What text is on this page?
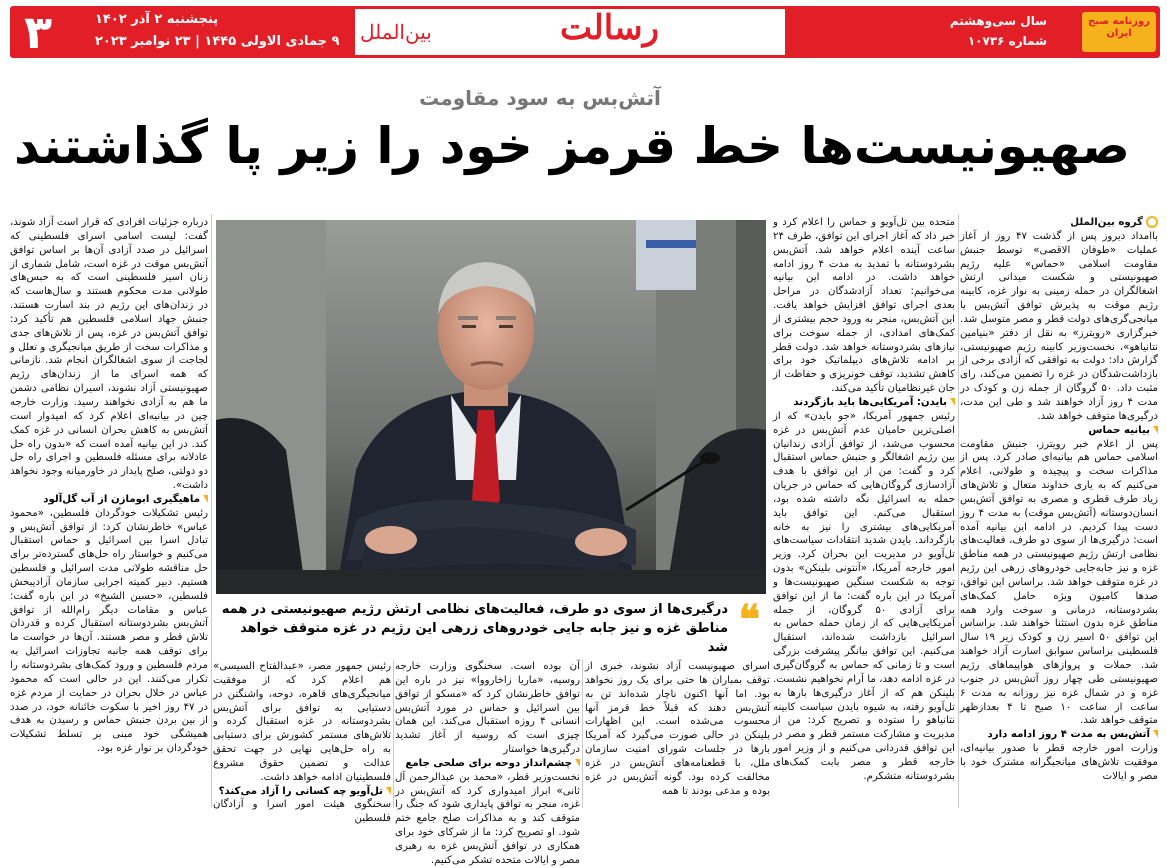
۳	پنجشنبه ۲ آذر ۱۴۰۲
۹ جمادی الاولی ۱۴۴۵ | ۲۳ نوامبر ۲۰۲۳	رسالت
بین‌الملل	سال سی‌وهشتم
شماره ۱۰۷۳۶
روزنامه صبح ایران
آتش‌بس به سود مقاومت
صهیونیست‌ها خط قرمز خود را زیر پا گذاشتند

گروه بین‌الملل

باامداد دیروز پس از گذشت ۴۷ روز از آغاز عملیات «طوفان الاقصی» توسط جنبش مقاومت اسلامی «حماس» علیه رژیم صهیونیستی و شکست میدانی ارتش اشغالگران در حمله زمینی به نوار غزه، کابینه رژیم موقت به پذیرش توافق آتش‌بس با میانجی‌گری‌های دولت قطر و مصر متوسل شد. خبرگزاری «رویترز» به نقل از دفتر «بنیامین نتانیاهو»، نخست‌وزیر کابینه رژیم صهیونیستی، گزارش داد: دولت به توافقی که آزادی برخی از بازداشت‌شدگان در غزه را تضمین می‌کند، رای مثبت داد. ۵۰ گروگان از جمله زن و کودک در مدت ۴ روز آزاد خواهند شد و طی این مدت، درگیری‌ها متوقف خواهد شد.

بیانیه حماس

پس از اعلام خبر رویترز، جنبش مقاومت اسلامی حماس هم بیانیه‌ای صادر کرد. پس از مذاکرات سخت و پیچیده و طولانی، اعلام می‌کنیم که به یاری خداوند متعال و تلاش‌های زیاد طرف قطری و مصری به توافق آتش‌بس انسان‌دوستانه (آتش‌بس موقت) به مدت ۴ روز دست پیدا کردیم. در ادامه این بیانیه آمده است: درگیری‌ها از سوی دو طرف، فعالیت‌های نظامی ارتش رژیم صهیونیستی در همه مناطق غزه و نیز جابه‌جایی خودروهای زرهی این رژیم در غزه متوقف خواهد شد. براساس این توافق، صدها کامیون ویژه حامل کمک‌های بشردوستانه، درمانی و سوخت وارد همه مناطق غزه بدون استثنا خواهند شد. براساس این توافق ۵۰ اسیر زن و کودک زیر ۱۹ سال فلسطینی براساس سوابق اسارت آزاد خواهند شد. حملات و پروازهای هواپیماهای رژیم صهیونیستی طی چهار روز آتش‌بس در جنوب غزه و در شمال غزه نیز روزانه به مدت ۶ ساعت از ساعت ۱۰ صبح تا ۴ بعدازظهر متوقف خواهد شد.

آتش‌بس به مدت ۴ روز ادامه دارد

وزارت امور خارجه قطر با صدور بیانیه‌ای، موفقیت تلاش‌های میانجیگرانه مشترک خود با مصر و ایالات

متحده بین تل‌آویو و حماس را اعلام کرد و خبر داد که آغاز اجرای این توافق، طرف ۲۴ ساعت آینده اعلام خواهد شد. آتش‌بس بشردوستانه با تمدید به مدت ۴ روز ادامه خواهد داشت. در ادامه این بیانیه می‌خوانیم: تعداد آزادشدگان در مراحل بعدی اجرای توافق افزایش خواهد یافت. این آتش‌بس، منجر به ورود حجم بیشتری از کمک‌های امدادی، از جمله سوخت برای نیازهای بشردوستانه خواهد شد. دولت قطر بر ادامه تلاش‌های دیپلماتیک خود برای کاهش تشدید، توقف خونریزی و حفاظت از جان غیرنظامیان تأکید می‌کند.

بایدن: آمریکایی‌ها باید بازگردند

رئیس جمهور آمریکا، «جو بایدن» که از اصلی‌ترین حامیان عدم آتش‌بس در غزه محسوب می‌شد، از توافق آزادی زندانیان بین رژیم اشغالگر و جنبش حماس استقبال کرد و گفت: من از این توافق با هدف آزادسازی گروگان‌هایی که حماس در جریان حمله به اسرائیل نگه داشته شده بود، استقبال می‌کنم. این توافق باید آمریکایی‌های بیشتری را نیز به خانه بازگرداند. بایدن شدید انتقادات سیاست‌های تل‌آویو در مدیریت این بحران کرد. وزیر امور خارجه آمریکا، «آنتونی بلینکن» بدون توجه به شکست سنگین صهیونیست‌ها و آمریکا در این باره گفت: ما از این توافق برای آزادی ۵۰ گروگان، از جمله آمریکایی‌هایی که از زمان حمله حماس به اسرائیل بازداشت شده‌اند، استقبال می‌کنیم. این توافق بیانگر پیشرفت بزرگی است و تا زمانی که حماس به گروگان‌گیری در غزه ادامه دهد، ما آرام نخواهیم نشست. بلینکن هم که از آغاز درگیری‌ها بارها به تل‌آویو رفته، به شیوه بایدن سیاست کابینه نتانیاهو را ستوده و تصریح کرد: من از مدیریت و مشارکت مستمر قطر و مصر در این توافق قدردانی می‌کنیم و از وزیر امور خارجه قطر و مصر بابت کمک‌های بشردوستانه متشکرم.

درباره جزئیات افرادی که قرار است آزاد شوند، گفت: لیست اسامی اسرای فلسطینی که اسرائیل در صدد آزادی آن‌ها بر اساس توافق آتش‌بس موقت در غزه است، شامل شماری از زنان اسیر فلسطینی است که به حبس‌های طولانی مدت محکوم هستند و سال‌هاست که در زندان‌های این رژیم در بند اسارت هستند. جنبش جهاد اسلامی فلسطین هم تأکید کرد: توافق آتش‌بس در غزه، پس از تلاش‌های جدی و مذاکرات سخت از طریق میانجیگری و تعلل و لجاجت از سوی اشغالگران انجام شد. نازمانی که همه اسرای ما از زندان‌های رژیم صهیونیستی آزاد نشوند، اسیران نظامی دشمن ما هم به آزادی نخواهند رسید. وزارت خارجه چین در بیانیه‌ای اعلام کرد که امیدوار است آتش‌بس به کاهش بحران انسانی در غزه کمک کند. در این بیانیه آمده است که «بدون راه حل عادلانه برای مسئله فلسطین و اجرای راه حل دو دولتی، صلح پایدار در خاورمیانه وجود نخواهد داشت».

ماهیگیری ابومازن از آب گل‌آلود

رئیس تشکیلات خودگردان فلسطین، «محمود عباس» خاطرنشان کرد: از توافق آتش‌بس و تبادل اسرا بین اسرائیل و حماس استقبال می‌کنیم و خواستار راه حل‌های گسترده‌تر برای حل مناقشه طولانی مدت اسرائیل و فلسطین هستیم. دبیر کمیته اجرایی سازمان آزادیبخش فلسطین، «حسین الشیخ» در این باره گفت: عباس و مقامات دیگر رام‌الله از توافق آتش‌بس بشردوستانه استقبال کرده و قدردان تلاش قطر و مصر هستند. آن‌ها در خواست ما برای توقف همه جانبه تجاوزات اسرائیل به مردم فلسطین و ورود کمک‌های بشردوستانه را تکرار می‌کنند. این در حالی است که محمود عباس در خلال بحران در حمایت از مردم غزه در ۴۷ روز اخیر با سکوت خائنانه خود، در صدد از بین بردن جنبش حماس و رسیدن به هدف همیشگی خود مبنی بر تسلط تشکیلات خودگردان بر نوار غزه بود.

❝
درگیری‌ها از سوی دو طرف، فعالیت‌های نظامی ارتش رژیم صهیونیستی در همه مناطق غزه و نیز جابه جایی خودروهای زرهی این رژیم در غزه متوقف خواهد شد

اسرای صهیونیست آزاد نشوند، خبری از توقف بمباران ها حتی برای یک روز نخواهد بود. اما آنها اکنون ناچار شده‌اند تن به آتش‌بس دهند که قبلاً خط قرمز آنها محسوب می‌شده است. این اظهارات بلینکن در حالی صورت می‌گیرد که آمریکا بارها در جلسات شورای امنیت سازمان ملل، با قطعنامه‌های آتش‌بس در غزه مخالفت کرده بود. گونه آتش‌بس در غزه بوده و مدعی بودند تا همه

آن بوده است. سخنگوی وزارت خارجه روسیه، «ماریا زاخارووا» نیز در باره این توافق خاطرنشان کرد که «مسکو از توافق بین اسرائیل و حماس در مورد آتش‌بس انسانی ۴ روزه استقبال می‌کند. این همان چیزی است که روسیه از آغاز تشدید درگیری‌ها خواستار

چشم‌انداز دوحه برای صلحی جامع

نخست‌وزیر قطر، «محمد بن عبدالرحمن آل ثانی» ابراز امیدواری کرد که آتش‌بس در غزه، منجر به توافق پایداری شود که جنگ را متوقف کند و به مذاکرات صلح جامع ختم شود. او تصریح کرد: ما از شرکای خود برای همکاری در توافق آتش‌بس غزه به رهبری مصر و ایالات متحده تشکر می‌کنیم.

رئیس جمهور مصر، «عبدالفتاح السیسی» هم اعلام کرد که از موفقیت میانجیگری‌های قاهره، دوحه، واشنگتن در دستیابی به توافق برای آتش‌بس بشردوستانه در غزه استقبال کرده و تلاش‌های مستمر کشورش برای دستیابی به راه حل‌هایی نهایی در جهت تحقق عدالت و تضمین حقوق مشروع فلسطینیان ادامه خواهد داشت.

تل‌آویو چه کسانی را آزاد می‌کند؟

سخنگوی هیئت امور اسرا و آزادگان فلسطین
